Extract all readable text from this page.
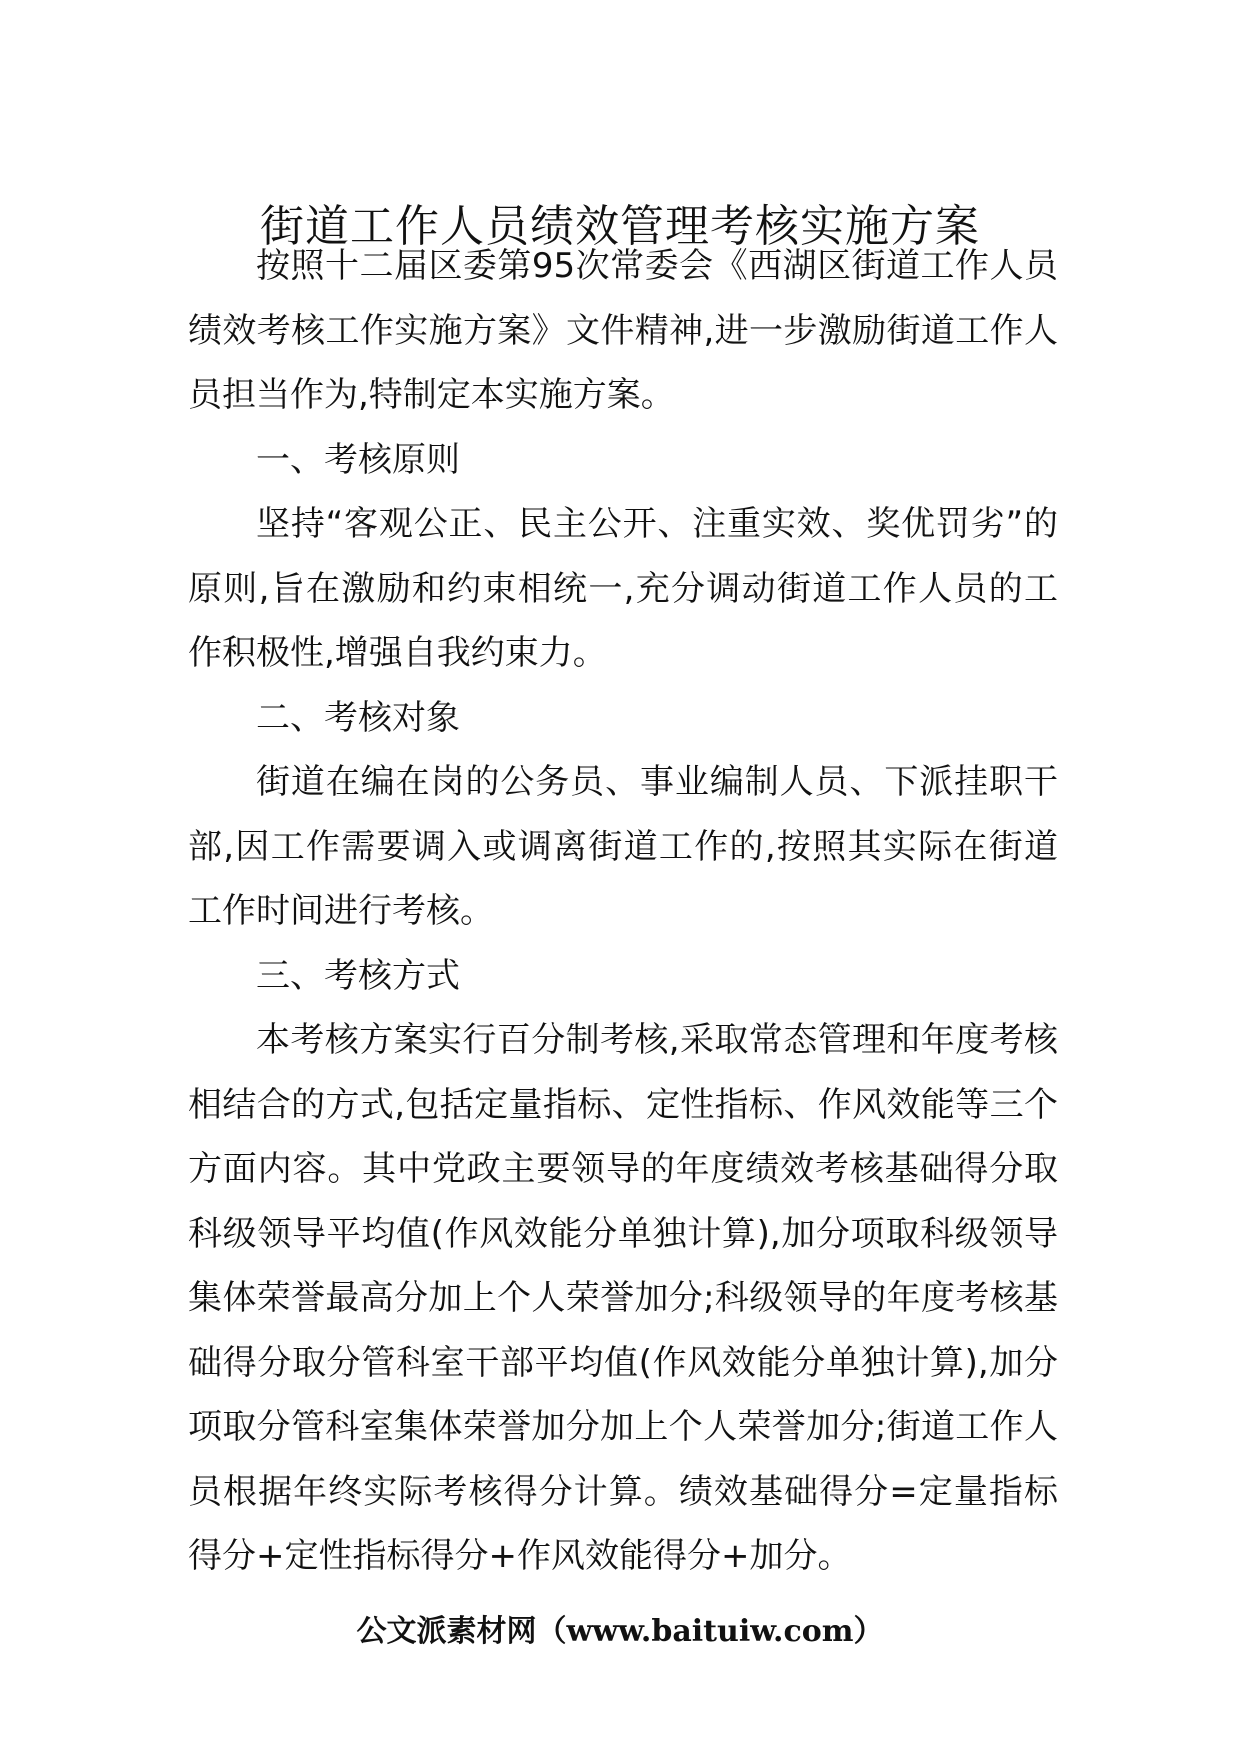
街道工作人员绩效管理考核实施方案

按照十二届区委第95次常委会《西湖区街道工作人员绩效考核工作实施方案》文件精神,进一步激励街道工作人员担当作为,特制定本实施方案。

一、考核原则

坚持“客观公正、民主公开、注重实效、奖优罚劣”的原则,旨在激励和约束相统一,充分调动街道工作人员的工作积极性,增强自我约束力。

二、考核对象

街道在编在岗的公务员、事业编制人员、下派挂职干部,因工作需要调入或调离街道工作的,按照其实际在街道工作时间进行考核。

三、考核方式

本考核方案实行百分制考核,采取常态管理和年度考核相结合的方式,包括定量指标、定性指标、作风效能等三个方面内容。其中党政主要领导的年度绩效考核基础得分取科级领导平均值(作风效能分单独计算),加分项取科级领导集体荣誉最高分加上个人荣誉加分;科级领导的年度考核基础得分取分管科室干部平均值(作风效能分单独计算),加分项取分管科室集体荣誉加分加上个人荣誉加分;街道工作人员根据年终实际考核得分计算。绩效基础得分=定量指标得分+定性指标得分+作风效能得分+加分。

公文派素材网（www.baituiw.com）
